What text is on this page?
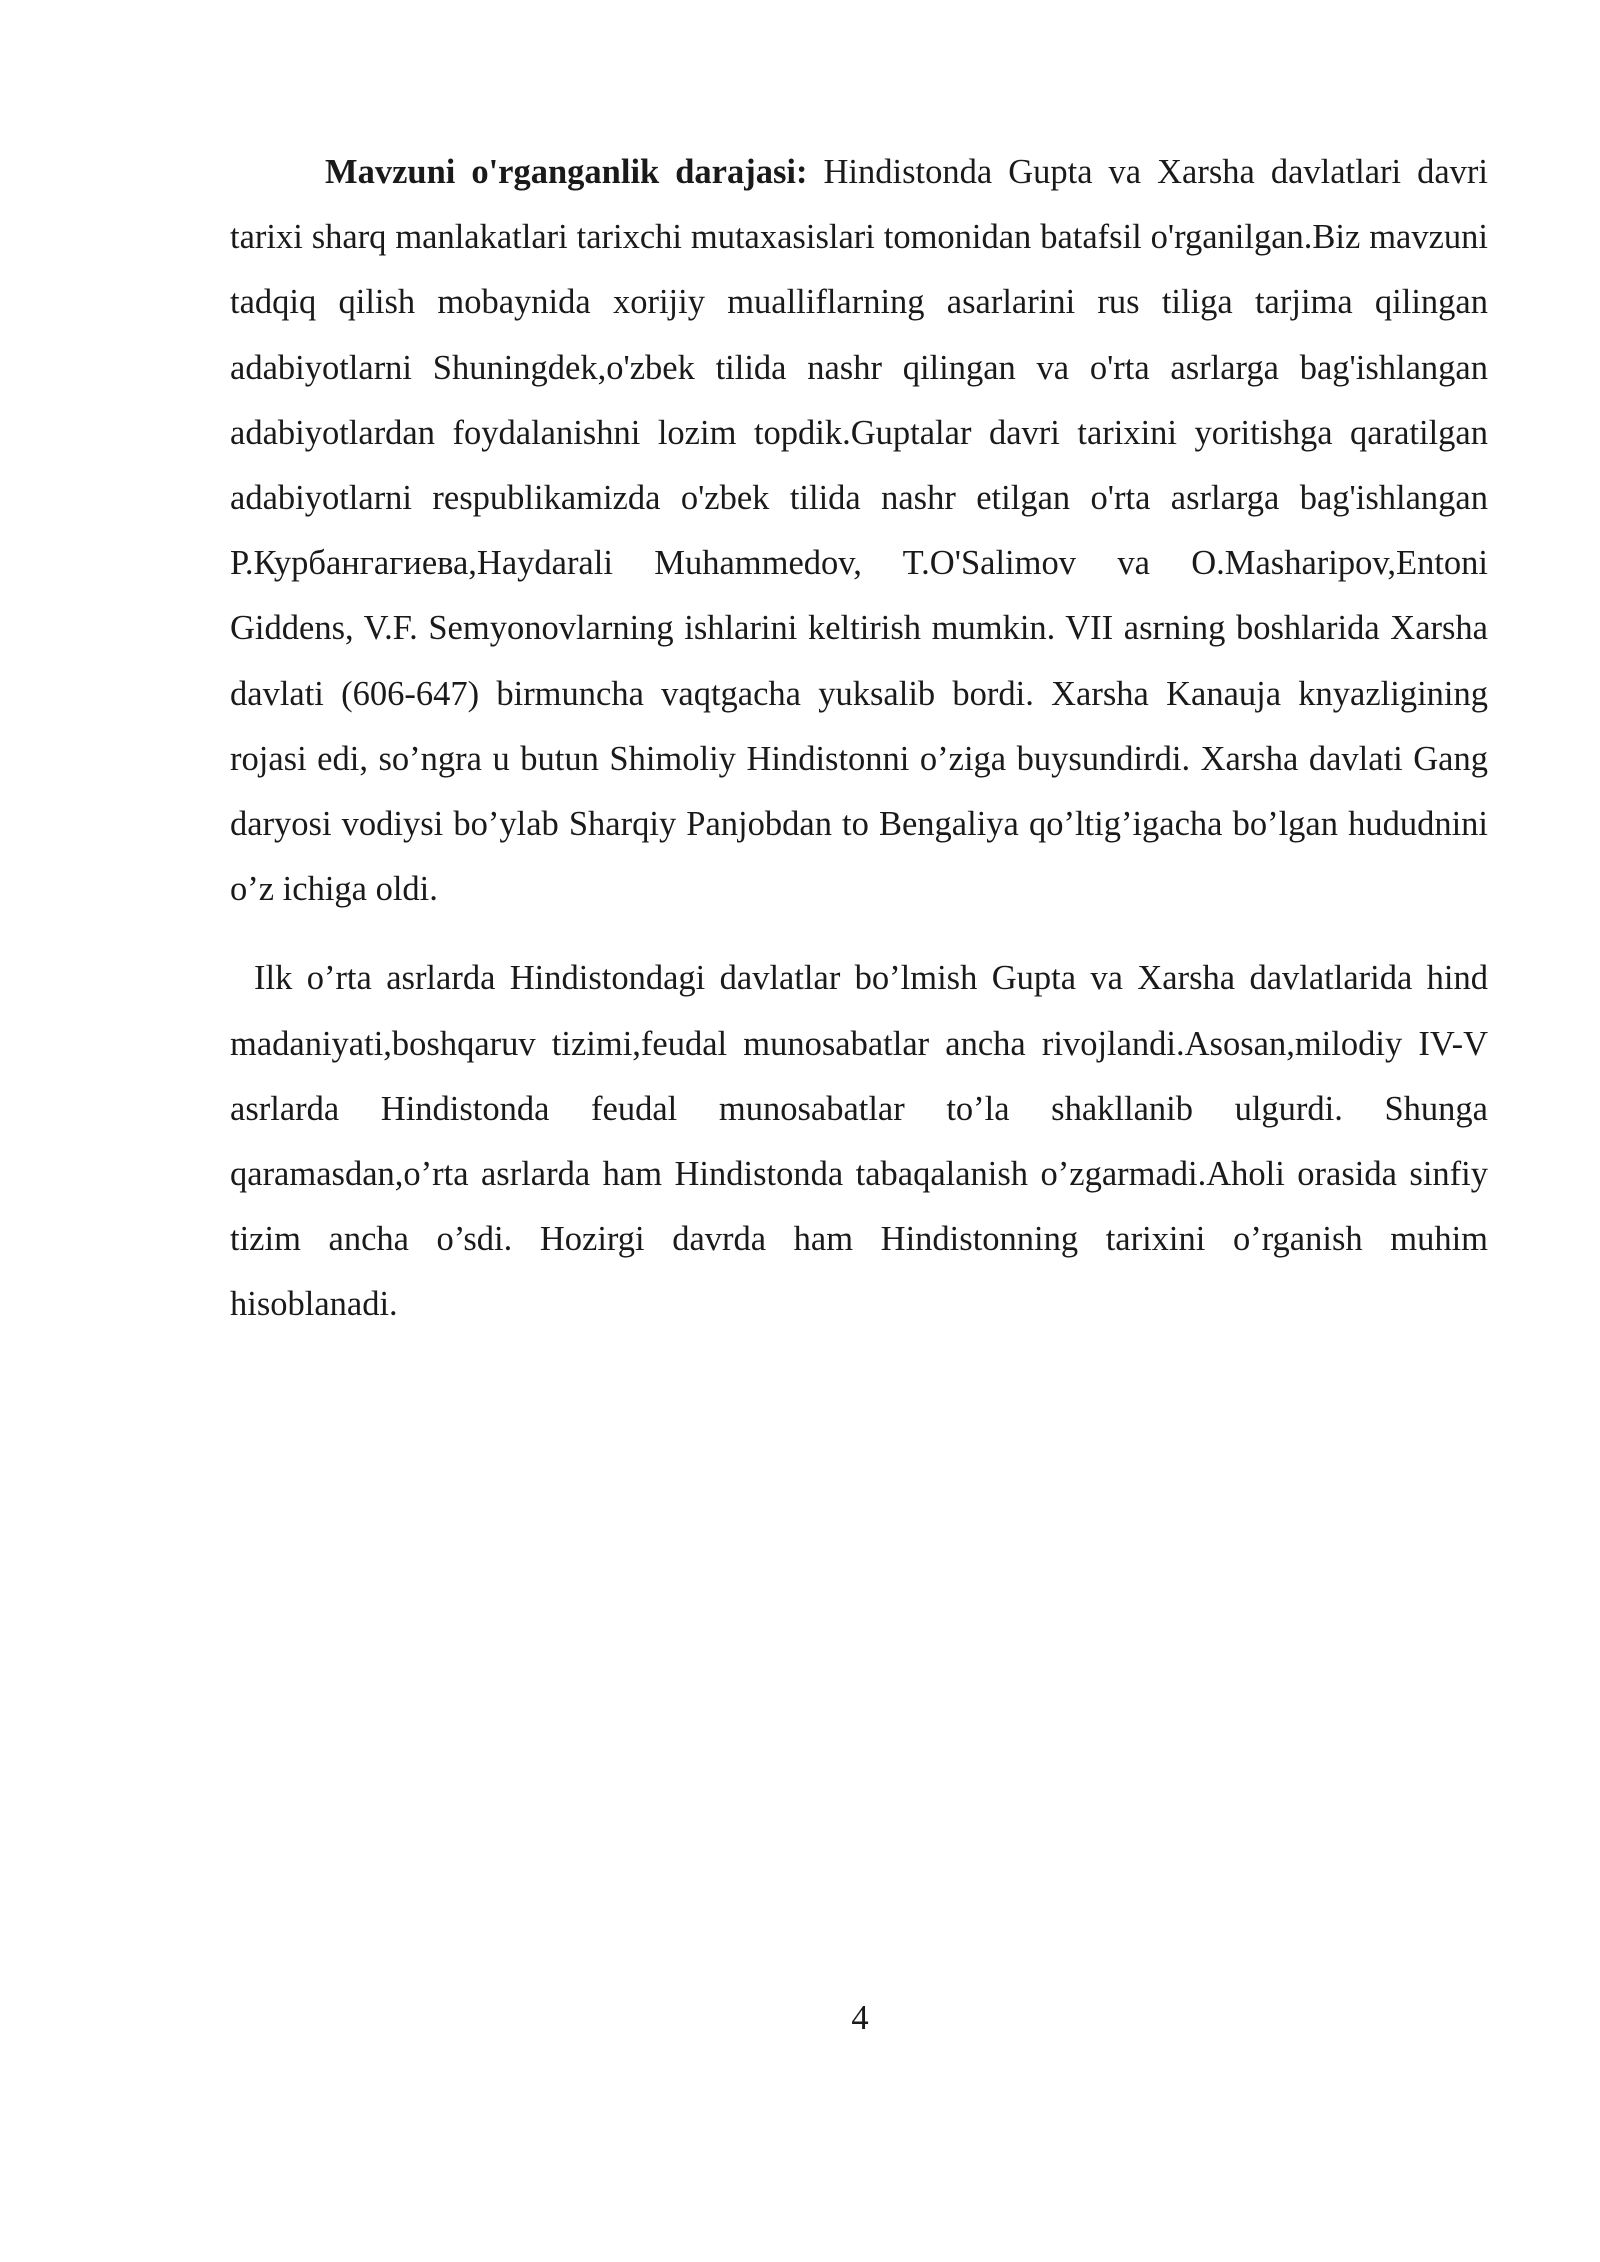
Mavzuni o'rganganlik darajasi: Hindistonda Gupta va Xarsha davlatlari davri tarixi sharq manlakatlari tarixchi mutaxasislari tomonidan batafsil o'rganilgan.Biz mavzuni tadqiq qilish mobaynida xorijiy mualliflarning asarlarini rus tiliga tarjima qilingan adabiyotlarni Shuningdek,o'zbek tilida nashr qilingan va o'rta asrlarga bag'ishlangan adabiyotlardan foydalanishni lozim topdik.Guptalar davri tarixini yoritishga qaratilgan adabiyotlarni respublikamizda o'zbek tilida nashr etilgan o'rta asrlarga bag'ishlangan Р.Курбангагиева,Haydarali Muhammedov, T.O'Salimov va O.Masharipov,Entoni Giddens, V.F. Semyonovlarning ishlarini keltirish mumkin. VII asrning boshlarida Xarsha davlati (606-647) birmuncha vaqtgacha yuksalib bordi. Xarsha Kanauja knyazligining rojasi edi, so’ngra u butun Shimoliy Hindistonni o’ziga buysundirdi. Xarsha davlati Gang daryosi vodiysi bo’ylab Sharqiy Panjobdan to Bengaliya qo’ltig’igacha bo’lgan hududnini o’z ichiga oldi.

Ilk o’rta asrlarda Hindistondagi davlatlar bo’lmish Gupta va Xarsha davlatlarida hind madaniyati,boshqaruv tizimi,feudal munosabatlar ancha rivojlandi.Asosan,milodiy IV-V asrlarda Hindistonda feudal munosabatlar to’la shakllanib ulgurdi. Shunga qaramasdan,o’rta asrlarda ham Hindistonda tabaqalanish o’zgarmadi.Aholi orasida sinfiy tizim ancha o’sdi. Hozirgi davrda ham Hindistonning tarixini o’rganish muhim hisoblanadi.

4
